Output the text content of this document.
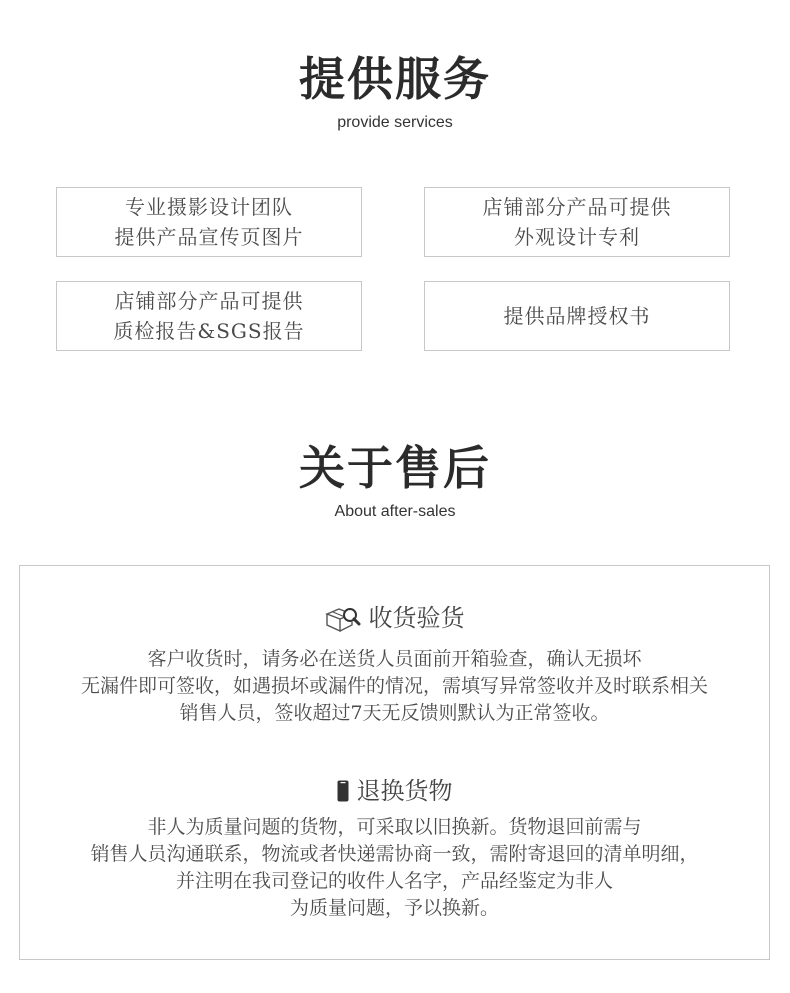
提供服务
provide services
专业摄影设计团队
提供产品宣传页图片
店铺部分产品可提供
外观设计专利
店铺部分产品可提供
质检报告&SGS报告
提供品牌授权书
关于售后
About after-sales
收货验货
客户收货时，请务必在送货人员面前开箱验查，确认无损坏
无漏件即可签收，如遇损坏或漏件的情况，需填写异常签收并及时联系相关
销售人员，签收超过7天无反馈则默认为正常签收。
退换货物
非人为质量问题的货物，可采取以旧换新。货物退回前需与
销售人员沟通联系，物流或者快递需协商一致，需附寄退回的清单明细，
并注明在我司登记的收件人名字，产品经鉴定为非人
为质量问题，予以换新。
